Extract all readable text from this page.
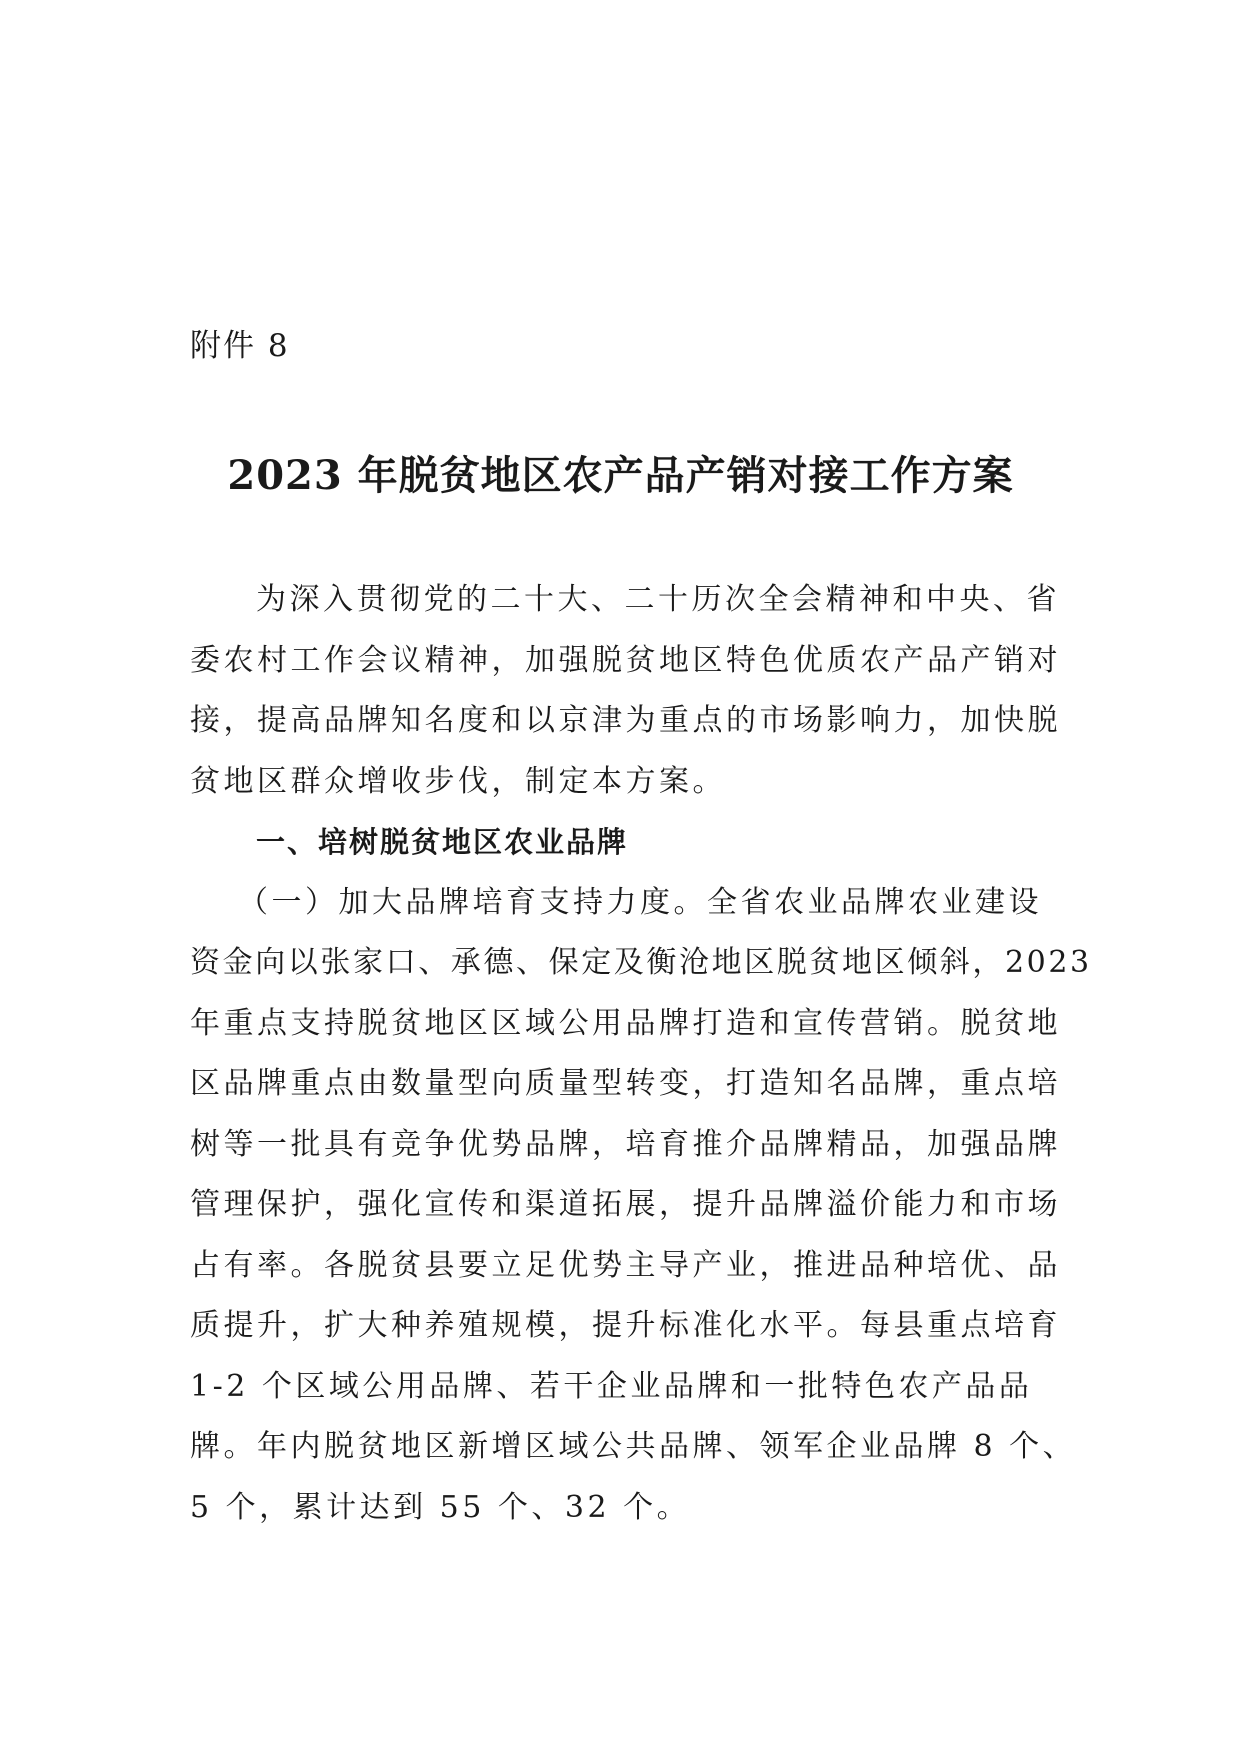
附件 8
2023 年脱贫地区农产品产销对接工作方案
为深入贯彻党的二十大、二十历次全会精神和中央、省
委农村工作会议精神，加强脱贫地区特色优质农产品产销对
接，提高品牌知名度和以京津为重点的市场影响力，加快脱
贫地区群众增收步伐，制定本方案。
一、培树脱贫地区农业品牌
（一）加大品牌培育支持力度。全省农业品牌农业建设
资金向以张家口、承德、保定及衡沧地区脱贫地区倾斜，2023
年重点支持脱贫地区区域公用品牌打造和宣传营销。脱贫地
区品牌重点由数量型向质量型转变，打造知名品牌，重点培
树等一批具有竞争优势品牌，培育推介品牌精品，加强品牌
管理保护，强化宣传和渠道拓展，提升品牌溢价能力和市场
占有率。各脱贫县要立足优势主导产业，推进品种培优、品
质提升，扩大种养殖规模，提升标准化水平。每县重点培育
1-2 个区域公用品牌、若干企业品牌和一批特色农产品品
牌。年内脱贫地区新增区域公共品牌、领军企业品牌 8 个、
5 个，累计达到 55 个、32 个。
